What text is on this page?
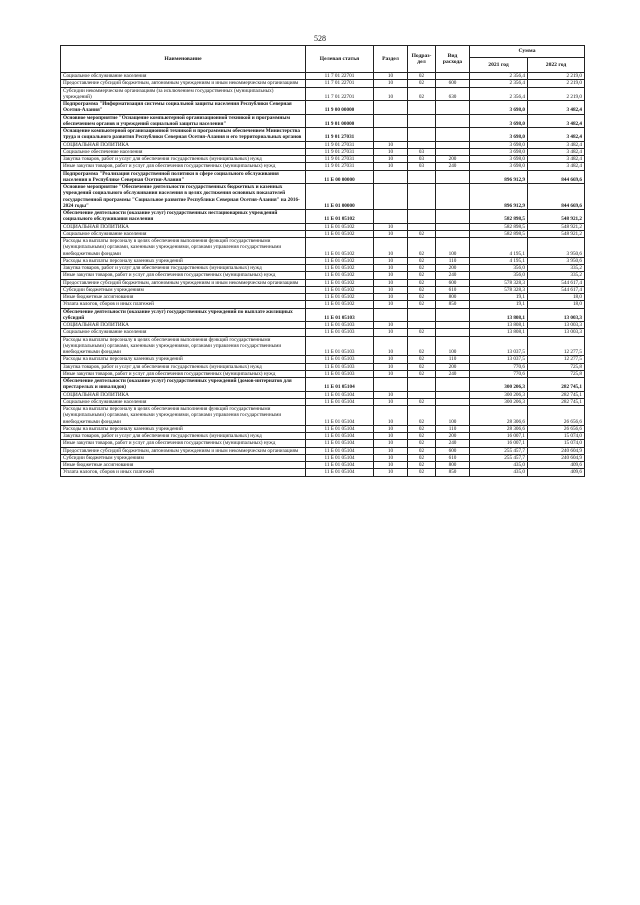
528
Наименование	Целевая статья	Раздел	Подраз-дел	Вид расхода	Сумма	
					2021 год	2022 год
Социальное обслуживание населения	11 7 01 22701	10	02		2 356,4	2 219,0
Предоставление субсидий бюджетным, автономным учреждениям и иным некоммерческим организациям	11 7 01 22701	10	02	600	2 356,4	2 219,0
Субсидии некоммерческим организациям (за исключением государственных (муниципальных) учреждений)	11 7 01 22701	10	02	630	2 356,4	2 219,0
Подпрограмма "Информатизация системы социальной защиты населения Республики Северная Осетия-Алания"	11 9 00 00000				3 698,0	3 482,4
Основное мероприятие "Оснащение компьютерной организационной техникой и программным обеспечением органов и учреждений социальной защиты населения"	11 9 01 00000				3 698,0	3 482,4
Оснащение компьютерной организационной техникой и программным обеспечением Министерства труда и социального развития Республики Северная Осетия-Алания и его территориальных органов	11 9 01 27031				3 698,0	3 482,4
СОЦИАЛЬНАЯ ПОЛИТИКА	11 9 01 27031	10			3 698,0	3 482,4
Социальное обеспечение населения	11 9 01 27031	10	03		3 698,0	3 482,4
Закупка товаров, работ и услуг для обеспечения государственных (муниципальных) нужд	11 9 01 27031	10	03	200	3 698,0	3 482,4
Иные закупки товаров, работ и услуг для обеспечения государственных (муниципальных) нужд	11 9 01 27031	10	03	240	3 698,0	3 482,4
Подпрограмма "Реализация государственной политики в сфере социального обслуживания населения в Республике Северная Осетия-Алания"	11 Б 00 00000				896 912,9	844 669,6
Основное мероприятие "Обеспечение деятельности государственных бюджетных и казенных учреждений социального обслуживания населения в целях достижения основных показателей государственной программы "Социальное развитие Республики Северная Осетия-Алания" на 2016-2024 годы"	11 Б 01 00000				896 912,9	844 669,6
Обеспечение деятельности (оказание услуг) государственных нестационарных учреждений социального обслуживания населения	11 Б 01 05102				582 898,5	548 921,2
СОЦИАЛЬНАЯ ПОЛИТИКА	11 Б 01 05102	10			582 898,5	548 921,2
Социальное обслуживание населения	11 Б 01 05102	10	02		582 898,5	548 921,2
Расходы на выплаты персоналу в целях обеспечения выполнения функций государственными (муниципальными) органами, казенными учреждениями, органами управления государственными внебюджетными фондами	11 Б 01 05102	10	02	100	4 195,1	3 950,6
Расходы на выплаты персоналу казенных учреждений	11 Б 01 05102	10	02	110	4 195,1	3 950,6
Закупка товаров, работ и услуг для обеспечения государственных (муниципальных) нужд	11 Б 01 05102	10	02	200	356,0	335,2
Иные закупки товаров, работ и услуг для обеспечения государственных (муниципальных) нужд	11 Б 01 05102	10	02	240	356,0	335,2
Предоставление субсидий бюджетным, автономным учреждениям и иным некоммерческим организациям	11 Б 01 05102	10	02	600	578 328,3	544 617,4
Субсидии бюджетным учреждениям	11 Б 01 05102	10	02	610	578 328,3	544 617,4
Иные бюджетные ассигнования	11 Б 01 05102	10	02	800	19,1	18,0
Уплата налогов, сборов и иных платежей	11 Б 01 05102	10	02	850	19,1	18,0
Обеспечение деятельности (оказание услуг) государственных учреждений по выплате жилищных субсидий	11 Б 01 05103				13 808,1	13 003,3
СОЦИАЛЬНАЯ ПОЛИТИКА	11 Б 01 05103	10			13 808,1	13 003,3
Социальное обслуживание населения	11 Б 01 05103	10	02		13 808,1	13 003,3
Расходы на выплаты персоналу в целях обеспечения выполнения функций государственными (муниципальными) органами, казенными учреждениями, органами управления государственными внебюджетными фондами	11 Б 01 05103	10	02	100	13 037,5	12 277,5
Расходы на выплаты персоналу казенных учреждений	11 Б 01 05103	10	02	110	13 037,5	12 277,5
Закупка товаров, работ и услуг для обеспечения государственных (муниципальных) нужд	11 Б 01 05103	10	02	200	770,6	725,8
Иные закупки товаров, работ и услуг для обеспечения государственных (муниципальных) нужд	11 Б 01 05103	10	02	240	770,6	725,8
Обеспечение деятельности (оказание услуг) государственных учреждений (домов-интернатов для престарелых и инвалидов)	11 Б 01 05104				300 206,3	282 745,1
СОЦИАЛЬНАЯ ПОЛИТИКА	11 Б 01 05104	10			300 206,3	282 745,1
Социальное обслуживание населения	11 Б 01 05104	10	02		300 206,3	282 745,1
Расходы на выплаты персоналу в целях обеспечения выполнения функций государственными (муниципальными) органами, казенными учреждениями, органами управления государственными внебюджетными фондами	11 Б 01 05104	10	02	100	28 306,6	26 656,6
Расходы на выплаты персоналу казенных учреждений	11 Б 01 05104	10	02	110	28 306,6	26 656,6
Закупка товаров, работ и услуг для обеспечения государственных (муниципальных) нужд	11 Б 01 05104	10	02	200	16 007,1	15 074,0
Иные закупки товаров, работ и услуг для обеспечения государственных (муниципальных) нужд	11 Б 01 05104	10	02	240	16 007,1	15 074,0
Предоставление субсидий бюджетным, автономным учреждениям и иным некоммерческим организациям	11 Б 01 05104	10	02	600	255 457,7	240 604,9
Субсидии бюджетным учреждениям	11 Б 01 05104	10	02	610	255 457,7	240 604,9
Иные бюджетные ассигнования	11 Б 01 05104	10	02	800	435,0	409,6
Уплата налогов, сборов и иных платежей	11 Б 01 05104	10	02	850	435,0	409,6
